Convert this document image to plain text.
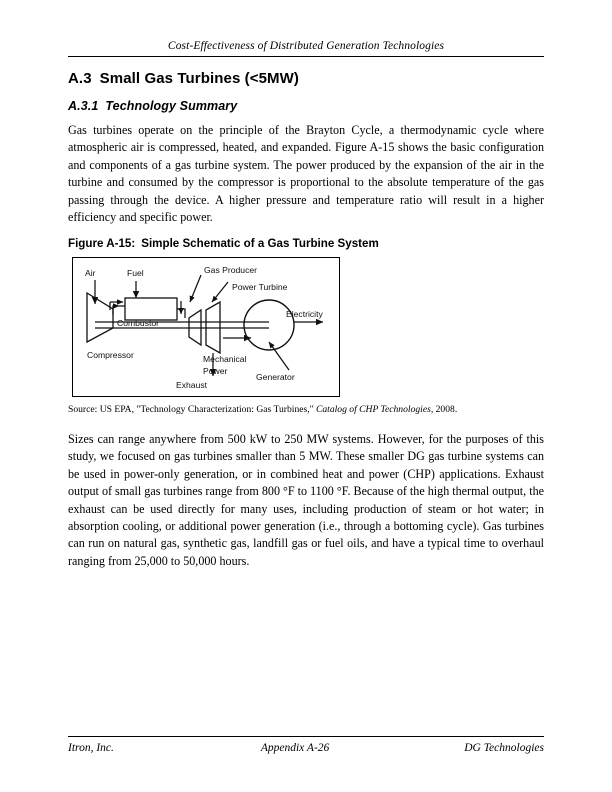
Cost-Effectiveness of Distributed Generation Technologies
A.3 Small Gas Turbines (<5MW)
A.3.1 Technology Summary
Gas turbines operate on the principle of the Brayton Cycle, a thermodynamic cycle where atmospheric air is compressed, heated, and expanded. Figure A-15 shows the basic configuration and components of a gas turbine system. The power produced by the expansion of the air in the turbine and consumed by the compressor is proportional to the absolute temperature of the gas passing through the device. A higher pressure and temperature ratio will result in a higher efficiency and specific power.
Figure A-15: Simple Schematic of a Gas Turbine System
Air	Fuel
Combustor
Compressor
Gas Producer
Power Turbine
Electricity
Mechanical
Power
Exhaust
Generator
Source: US EPA, "Technology Characterization: Gas Turbines," Catalog of CHP Technologies, 2008.
Sizes can range anywhere from 500 kW to 250 MW systems. However, for the purposes of this study, we focused on gas turbines smaller than 5 MW. These smaller DG gas turbine systems can be used in power-only generation, or in combined heat and power (CHP) applications. Exhaust output of small gas turbines range from 800 °F to 1100 °F. Because of the high thermal output, the exhaust can be used directly for many uses, including production of steam or hot water; in absorption cooling, or additional power generation (i.e., through a bottoming cycle). Gas turbines can run on natural gas, synthetic gas, landfill gas or fuel oils, and have a typical time to overhaul ranging from 25,000 to 50,000 hours.
Itron, Inc.	Appendix A-26	DG Technologies
